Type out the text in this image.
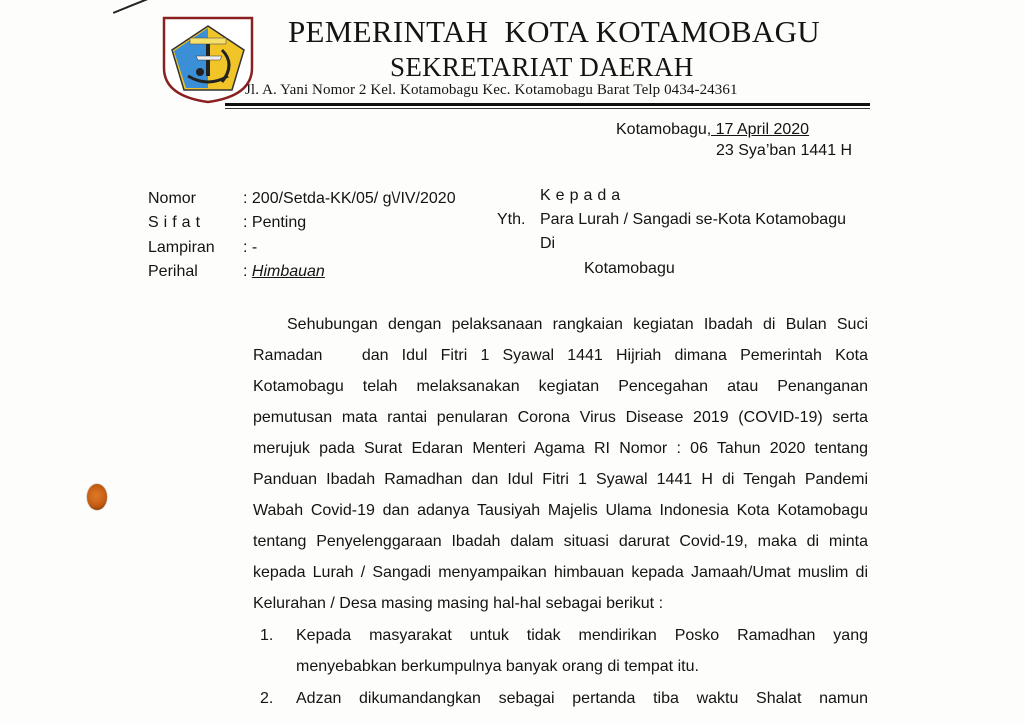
PEMERINTAH  KOTA KOTAMOBAGU
SEKRETARIAT DAERAH
Jl. A. Yani Nomor 2 Kel. Kotamobagu Kec. Kotamobagu Barat Telp 0434-24361
Kotamobagu, 17 April 2020
23 Sya’ban 1441 H
Nomor	: 200/Setda-KK/05/ ɡ\/IV/2020
Sifat : Penting
Lampiran : -
Perihal	: Himbauan
Kepada
Yth. Para Lurah / Sangadi se-Kota Kotamobagu
Di
Kotamobagu
Sehubungan dengan pelaksanaan rangkaian kegiatan Ibadah di Bulan Suci
Ramadan   dan Idul Fitri 1 Syawal 1441 Hijriah dimana Pemerintah Kota
Kotamobagu telah melaksanakan kegiatan Pencegahan atau Penanganan
pemutusan mata rantai penularan Corona Virus Disease 2019 (COVID-19) serta
merujuk pada Surat Edaran Menteri Agama RI Nomor : 06 Tahun 2020 tentang
Panduan Ibadah Ramadhan dan Idul Fitri 1 Syawal 1441 H di Tengah Pandemi
Wabah Covid-19 dan adanya Tausiyah Majelis Ulama Indonesia Kota Kotamobagu
tentang Penyelenggaraan Ibadah dalam situasi darurat Covid-19, maka di minta
kepada Lurah / Sangadi menyampaikan himbauan kepada Jamaah/Umat muslim di
Kelurahan / Desa masing masing hal-hal sebagai berikut :
1. Kepada masyarakat untuk tidak mendirikan Posko Ramadhan yang
menyebabkan berkumpulnya banyak orang di tempat itu.
2. Adzan dikumandangkan sebagai pertanda tiba waktu Shalat namun
